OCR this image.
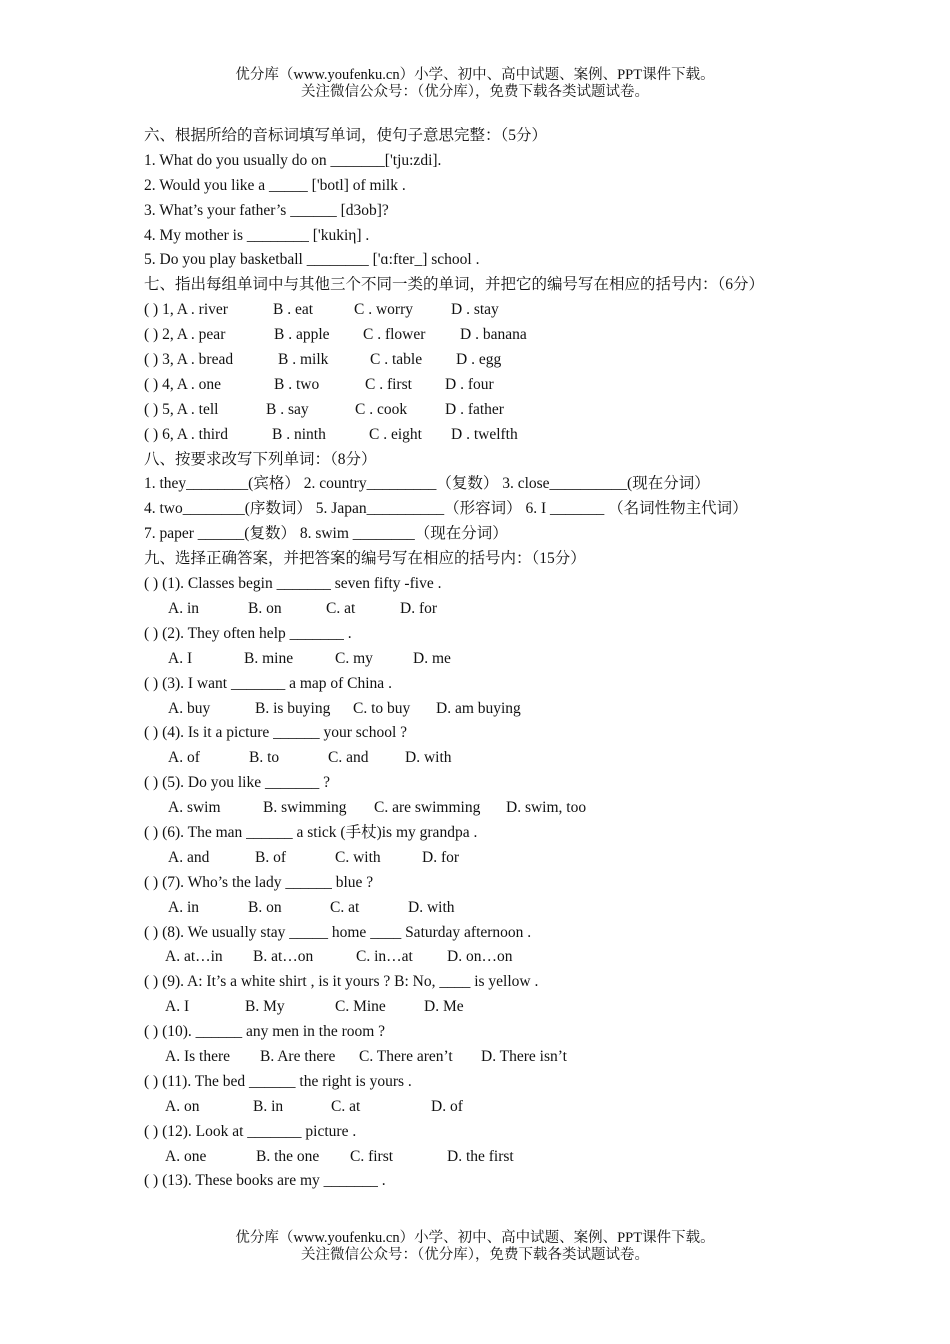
优分库（www.youfenku.cn）小学、初中、高中试题、案例、PPT课件下载。
关注微信公众号：（优分库），免费下载各类试题试卷。
六、根据所给的音标词填写单词，使句子意思完整：（5分）
1. What do you usually do on _______['tju:zdi].
2. Would you like a _____ ['botl] of milk .
3. What’s your father’s ______ [d3ob]?
4. My mother is ________ ['kukiη] .
5. Do you play basketball ________ ['ɑ:fter_] school .
七、指出每组单词中与其他三个不同一类的单词，并把它的编号写在相应的括号内：（6分）
( ) 1, A . river	B . eat	C . worry D . stay
( ) 2, A . pear	B . apple C . flower D . banana
( ) 3, A . bread	B . milk	C . table D . egg
( ) 4, A . one	B . two	C . first D . four
( ) 5, A . tell	B . say	C . cook D . father
( ) 6, A . third	B . ninth	C . eight D . twelfth
八、按要求改写下列单词：（8分）
1. they________(宾格） 2. country_________（复数） 3. close__________(现在分词）
4. two________(序数词） 5. Japan__________（形容词） 6. I _______ （名词性物主代词）
7. paper ______(复数） 8. swim ________（现在分词）
九、选择正确答案，并把答案的编号写在相应的括号内：（15分）
( ) (1). Classes begin _______ seven fifty -five .
A. in	B. on	C. at	D. for
( ) (2). They often help _______ .
A. I	B. mine	C. my	D. me
( ) (3). I want _______ a map of China .
A. buy	B. is buying C. to buy D. am buying
( ) (4). Is it a picture ______ your school ?
A. of	B. to	C. and D. with
( ) (5). Do you like _______ ?
A. swim	B. swimming C. are swimming D. swim, too
( ) (6). The man ______ a stick (手杖)is my grandpa .
A. and	B. of	C. with	D. for
( ) (7). Who’s the lady ______ blue ?
A. in	B. on	C. at	D. with
( ) (8). We usually stay _____ home ____ Saturday afternoon .
A. at…in B. at…on	C. in…at D. on…on
( ) (9). A: It’s a white shirt , is it yours ? B: No, ____ is yellow .
A. I	B. My	C. Mine D. Me
( ) (10). ______ any men in the room ?
A. Is there B. Are there C. There aren’t D. There isn’t
( ) (11). The bed ______ the right is yours .
A. on	B. in	C. at	D. of
( ) (12). Look at _______ picture .
A. one	B. the one C. first	D. the first
( ) (13). These books are my _______ .
优分库（www.youfenku.cn）小学、初中、高中试题、案例、PPT课件下载。
关注微信公众号：（优分库），免费下载各类试题试卷。
